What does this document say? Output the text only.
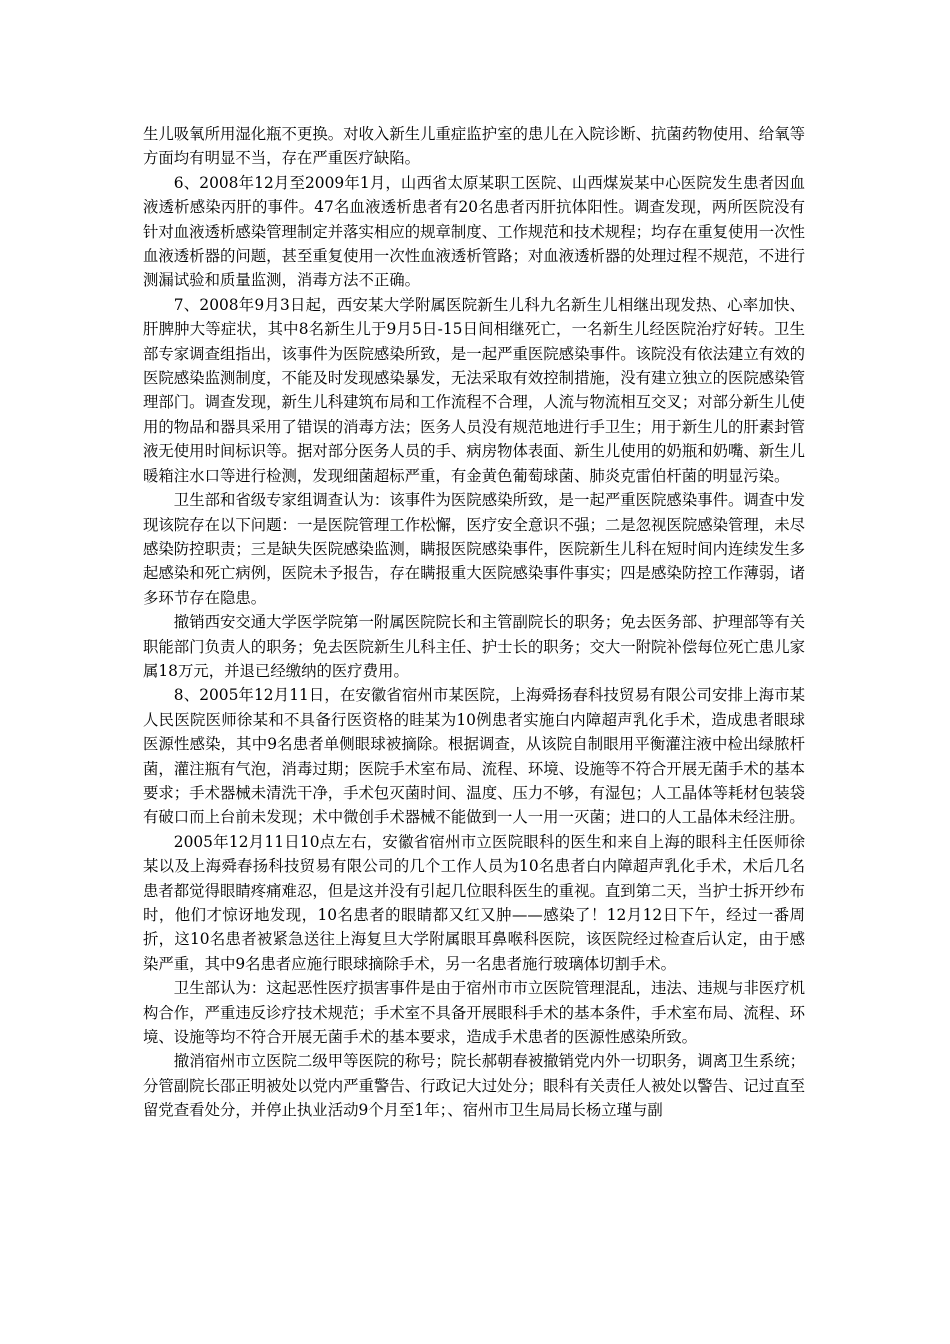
生儿吸氧所用湿化瓶不更换。对收入新生儿重症监护室的患儿在入院诊断、抗菌药物使用、给氧等方面均有明显不当，存在严重医疗缺陷。

6、2008年12月至2009年1月，山西省太原某职工医院、山西煤炭某中心医院发生患者因血液透析感染丙肝的事件。47名血液透析患者有20名患者丙肝抗体阳性。调查发现，两所医院没有针对血液透析感染管理制定并落实相应的规章制度、工作规范和技术规程；均存在重复使用一次性血液透析器的问题，甚至重复使用一次性血液透析管路；对血液透析器的处理过程不规范，不进行测漏试验和质量监测，消毒方法不正确。

7、2008年9月3日起，西安某大学附属医院新生儿科九名新生儿相继出现发热、心率加快、肝脾肿大等症状，其中8名新生儿于9月5日-15日间相继死亡，一名新生儿经医院治疗好转。卫生部专家调查组指出，该事件为医院感染所致，是一起严重医院感染事件。该院没有依法建立有效的医院感染监测制度，不能及时发现感染暴发，无法采取有效控制措施，没有建立独立的医院感染管理部门。调查发现，新生儿科建筑布局和工作流程不合理，人流与物流相互交叉；对部分新生儿使用的物品和器具采用了错误的消毒方法；医务人员没有规范地进行手卫生；用于新生儿的肝素封管液无使用时间标识等。据对部分医务人员的手、病房物体表面、新生儿使用的奶瓶和奶嘴、新生儿暖箱注水口等进行检测，发现细菌超标严重，有金黄色葡萄球菌、肺炎克雷伯杆菌的明显污染。

卫生部和省级专家组调查认为：该事件为医院感染所致，是一起严重医院感染事件。调查中发现该院存在以下问题：一是医院管理工作松懈，医疗安全意识不强；二是忽视医院感染管理，未尽感染防控职责；三是缺失医院感染监测，瞒报医院感染事件，医院新生儿科在短时间内连续发生多起感染和死亡病例，医院未予报告，存在瞒报重大医院感染事件事实；四是感染防控工作薄弱，诸多环节存在隐患。

撤销西安交通大学医学院第一附属医院院长和主管副院长的职务；免去医务部、护理部等有关职能部门负责人的职务；免去医院新生儿科主任、护士长的职务；交大一附院补偿每位死亡患儿家属18万元，并退已经缴纳的医疗费用。

8、2005年12月11日，在安徽省宿州市某医院，上海舜扬春科技贸易有限公司安排上海市某人民医院医师徐某和不具备行医资格的眭某为10例患者实施白内障超声乳化手术，造成患者眼球医源性感染，其中9名患者单侧眼球被摘除。根据调查，从该院自制眼用平衡灌注液中检出绿脓杆菌，灌注瓶有气泡，消毒过期；医院手术室布局、流程、环境、设施等不符合开展无菌手术的基本要求；手术器械未清洗干净，手术包灭菌时间、温度、压力不够，有湿包；人工晶体等耗材包装袋有破口而上台前未发现；术中微创手术器械不能做到一人一用一灭菌；进口的人工晶体未经注册。

2005年12月11日10点左右，安徽省宿州市立医院眼科的医生和来自上海的眼科主任医师徐某以及上海舜春扬科技贸易有限公司的几个工作人员为10名患者白内障超声乳化手术，术后几名患者都觉得眼睛疼痛难忍，但是这并没有引起几位眼科医生的重视。直到第二天，当护士拆开纱布时，他们才惊讶地发现，10名患者的眼睛都又红又肿——感染了！12月12日下午，经过一番周折，这10名患者被紧急送往上海复旦大学附属眼耳鼻喉科医院，该医院经过检查后认定，由于感染严重，其中9名患者应施行眼球摘除手术，另一名患者施行玻璃体切割手术。

卫生部认为：这起恶性医疗损害事件是由于宿州市市立医院管理混乱，违法、违规与非医疗机构合作，严重违反诊疗技术规范；手术室不具备开展眼科手术的基本条件，手术室布局、流程、环境、设施等均不符合开展无菌手术的基本要求，造成手术患者的医源性感染所致。

撤消宿州市立医院二级甲等医院的称号；院长郝朝春被撤销党内外一切职务，调离卫生系统；分管副院长邵正明被处以党内严重警告、行政记大过处分；眼科有关责任人被处以警告、记过直至留党查看处分，并停止执业活动9个月至1年；、宿州市卫生局局长杨立瑾与副
